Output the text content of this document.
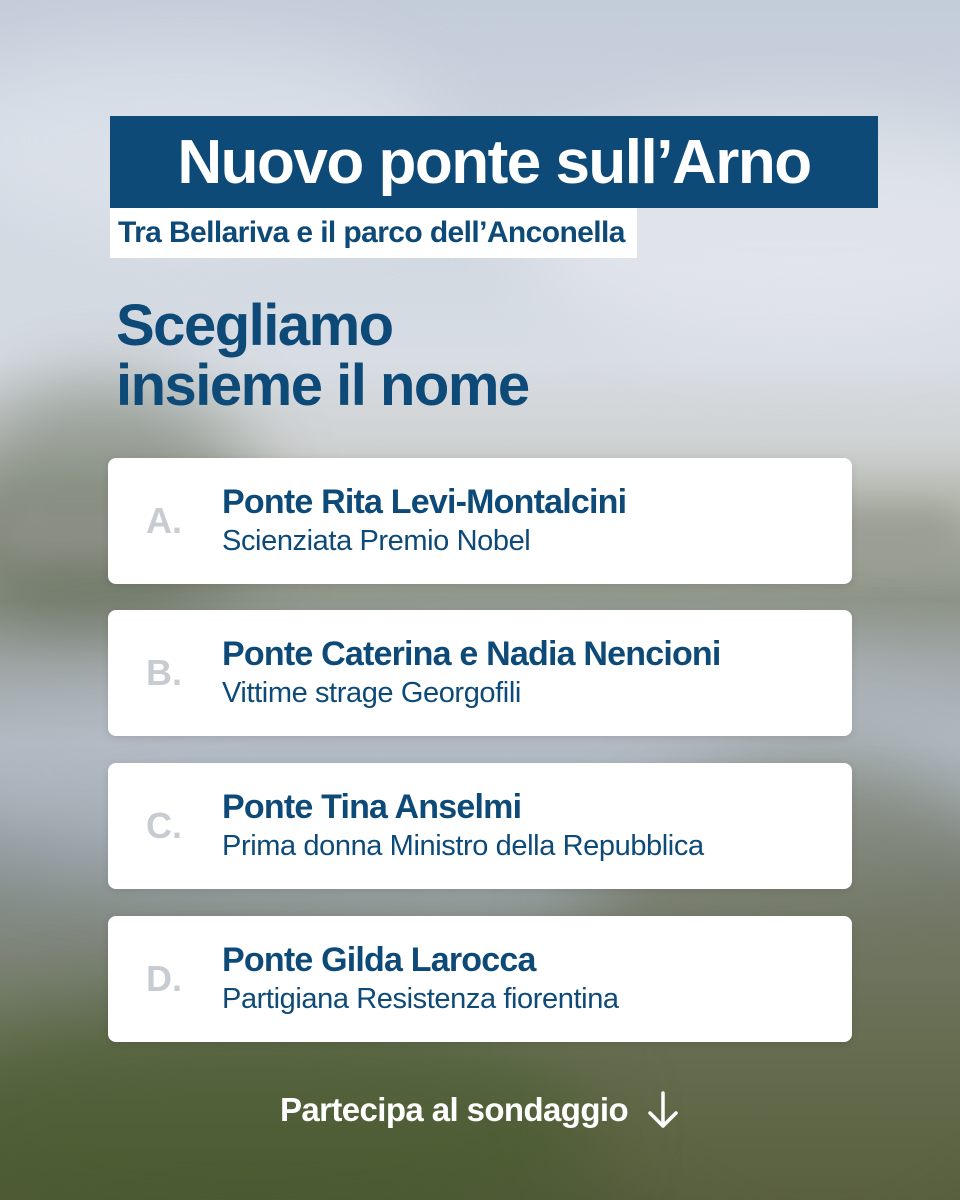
Nuovo ponte sull’Arno
Tra Bellariva e il parco dell’Anconella
Scegliamo
insieme il nome
A. Ponte Rita Levi-Montalcini
Scienziata Premio Nobel
B. Ponte Caterina e Nadia Nencioni
Vittime strage Georgofili
C. Ponte Tina Anselmi
Prima donna Ministro della Repubblica
D. Ponte Gilda Larocca
Partigiana Resistenza fiorentina
Partecipa al sondaggio
